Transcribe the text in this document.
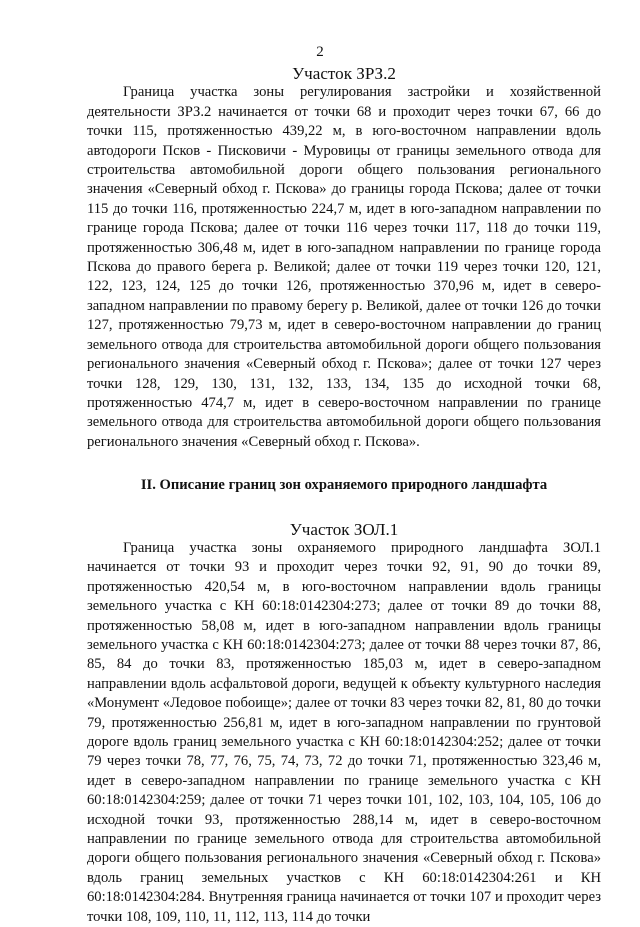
2
Участок ЗРЗ.2

Граница участка зоны регулирования застройки и хозяйственной деятельности ЗРЗ.2 начинается от точки 68 и проходит через точки 67, 66 до точки 115, протяженностью 439,22 м, в юго-восточном направлении вдоль автодороги Псков - Писковичи - Муровицы от границы земельного отвода для строительства автомобильной дороги общего пользования регионального значения «Северный обход г. Пскова» до границы города Пскова; далее от точки 115 до точки 116, протяженностью 224,7 м, идет в юго-западном направлении по границе города Пскова; далее от точки 116 через точки 117, 118 до точки 119, протяженностью 306,48 м, идет в юго-западном направлении по границе города Пскова до правого берега р. Великой; далее от точки 119 через точки 120, 121, 122, 123, 124, 125 до точки 126, протяженностью 370,96 м, идет в северо-западном направлении по правому берегу р. Великой, далее от точки 126 до точки 127, протяженностью 79,73 м, идет в северо-восточном направлении до границ земельного отвода для строительства автомобильной дороги общего пользования регионального значения «Северный обход г. Пскова»; далее от точки 127 через точки 128, 129, 130, 131, 132, 133, 134, 135 до исходной точки 68, протяженностью 474,7 м, идет в северо-восточном направлении по границе земельного отвода для строительства автомобильной дороги общего пользования регионального значения «Северный обход г. Пскова».

II. Описание границ зон охраняемого природного ландшафта
Участок ЗОЛ.1

Граница участка зоны охраняемого природного ландшафта ЗОЛ.1 начинается от точки 93 и проходит через точки 92, 91, 90 до точки 89, протяженностью 420,54 м, в юго-восточном направлении вдоль границы земельного участка с КН 60:18:0142304:273; далее от точки 89 до точки 88, протяженностью 58,08 м, идет в юго-западном направлении вдоль границы земельного участка с КН 60:18:0142304:273; далее от точки 88 через точки 87, 86, 85, 84 до точки 83, протяженностью 185,03 м, идет в северо-западном направлении вдоль асфальтовой дороги, ведущей к объекту культурного наследия «Монумент «Ледовое побоище»; далее от точки 83 через точки 82, 81, 80 до точки 79, протяженностью 256,81 м, идет в юго-западном направлении по грунтовой дороге вдоль границ земельного участка с КН 60:18:0142304:252; далее от точки 79 через точки 78, 77, 76, 75, 74, 73, 72 до точки 71, протяженностью 323,46 м, идет в северо-западном направлении по границе земельного участка с КН 60:18:0142304:259; далее от точки 71 через точки 101, 102, 103, 104, 105, 106 до исходной точки 93, протяженностью 288,14 м, идет в северо-восточном направлении по границе земельного отвода для строительства автомобильной дороги общего пользования регионального значения «Северный обход г. Пскова» вдоль границ земельных участков с КН 60:18:0142304:261 и КН 60:18:0142304:284. Внутренняя граница начинается от точки 107 и проходит через точки 108, 109, 110, 11, 112, 113, 114 до точки
